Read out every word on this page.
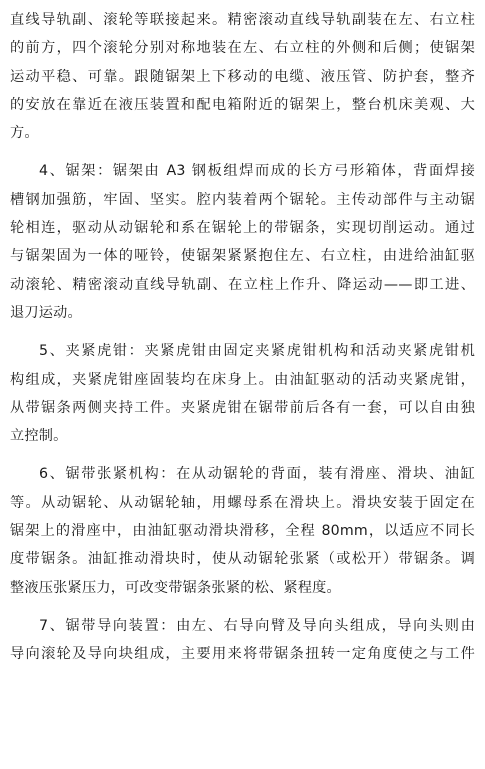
直线导轨副、滚轮等联接起来。精密滚动直线导轨副装在左、右立柱
的前方，四个滚轮分别对称地装在左、右立柱的外侧和后侧；使锯架
运动平稳、可靠。跟随锯架上下移动的电缆、液压管、防护套，整齐
的安放在靠近在液压装置和配电箱附近的锯架上，整台机床美观、大
方。
4、锯架：锯架由 A3 钢板组焊而成的长方弓形箱体，背面焊接
槽钢加强筋，牢固、坚实。腔内装着两个锯轮。主传动部件与主动锯
轮相连，驱动从动锯轮和系在锯轮上的带锯条，实现切削运动。通过
与锯架固为一体的哑铃，使锯架紧紧抱住左、右立柱，由进给油缸驱
动滚轮、精密滚动直线导轨副、在立柱上作升、降运动——即工进、
退刀运动。
5、夹紧虎钳：夹紧虎钳由固定夹紧虎钳机构和活动夹紧虎钳机
构组成，夹紧虎钳座固装均在床身上。由油缸驱动的活动夹紧虎钳，
从带锯条两侧夹持工件。夹紧虎钳在锯带前后各有一套，可以自由独
立控制。
6、锯带张紧机构：在从动锯轮的背面，装有滑座、滑块、油缸
等。从动锯轮、从动锯轮轴，用螺母系在滑块上。滑块安装于固定在
锯架上的滑座中，由油缸驱动滑块滑移，全程 80mm，以适应不同长
度带锯条。油缸推动滑块时，使从动锯轮张紧（或松开）带锯条。调
整液压张紧压力，可改变带锯条张紧的松、紧程度。
7、锯带导向装置：由左、右导向臂及导向头组成，导向头则由
导向滚轮及导向块组成，主要用来将带锯条扭转一定角度使之与工件
